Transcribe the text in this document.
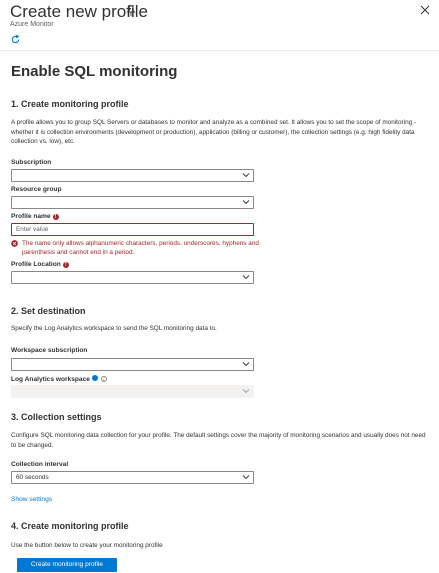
Create new profile
Azure Monitor
Enable SQL monitoring
1. Create monitoring profile
A profile allows you to group SQL Servers or databases to monitor and analyze as a combined set. It allows you to set the scope of monitoring - whether it is collection environments (development or production), application (billing or customer), the collection settings (e.g. high fidelity data collection vs. low), etc.
Subscription
Resource group
Profile name !
Enter value
The name only allows alphanumeric characters, periods, underscores, hyphens and parenthesis and cannot end in a period.
Profile Location !
2. Set destination
Specify the Log Analytics workspace to send the SQL monitoring data to.
Workspace subscription
Log Analytics workspace	i
3. Collection settings
Configure SQL monitoring data collection for your profile. The default settings cover the majority of monitoring scenarios and usually does not need to be changed.
Collection interval
60 seconds
Show settings
4. Create monitoring profile
Use the button below to create your monitoring profile
Create monitoring profile
